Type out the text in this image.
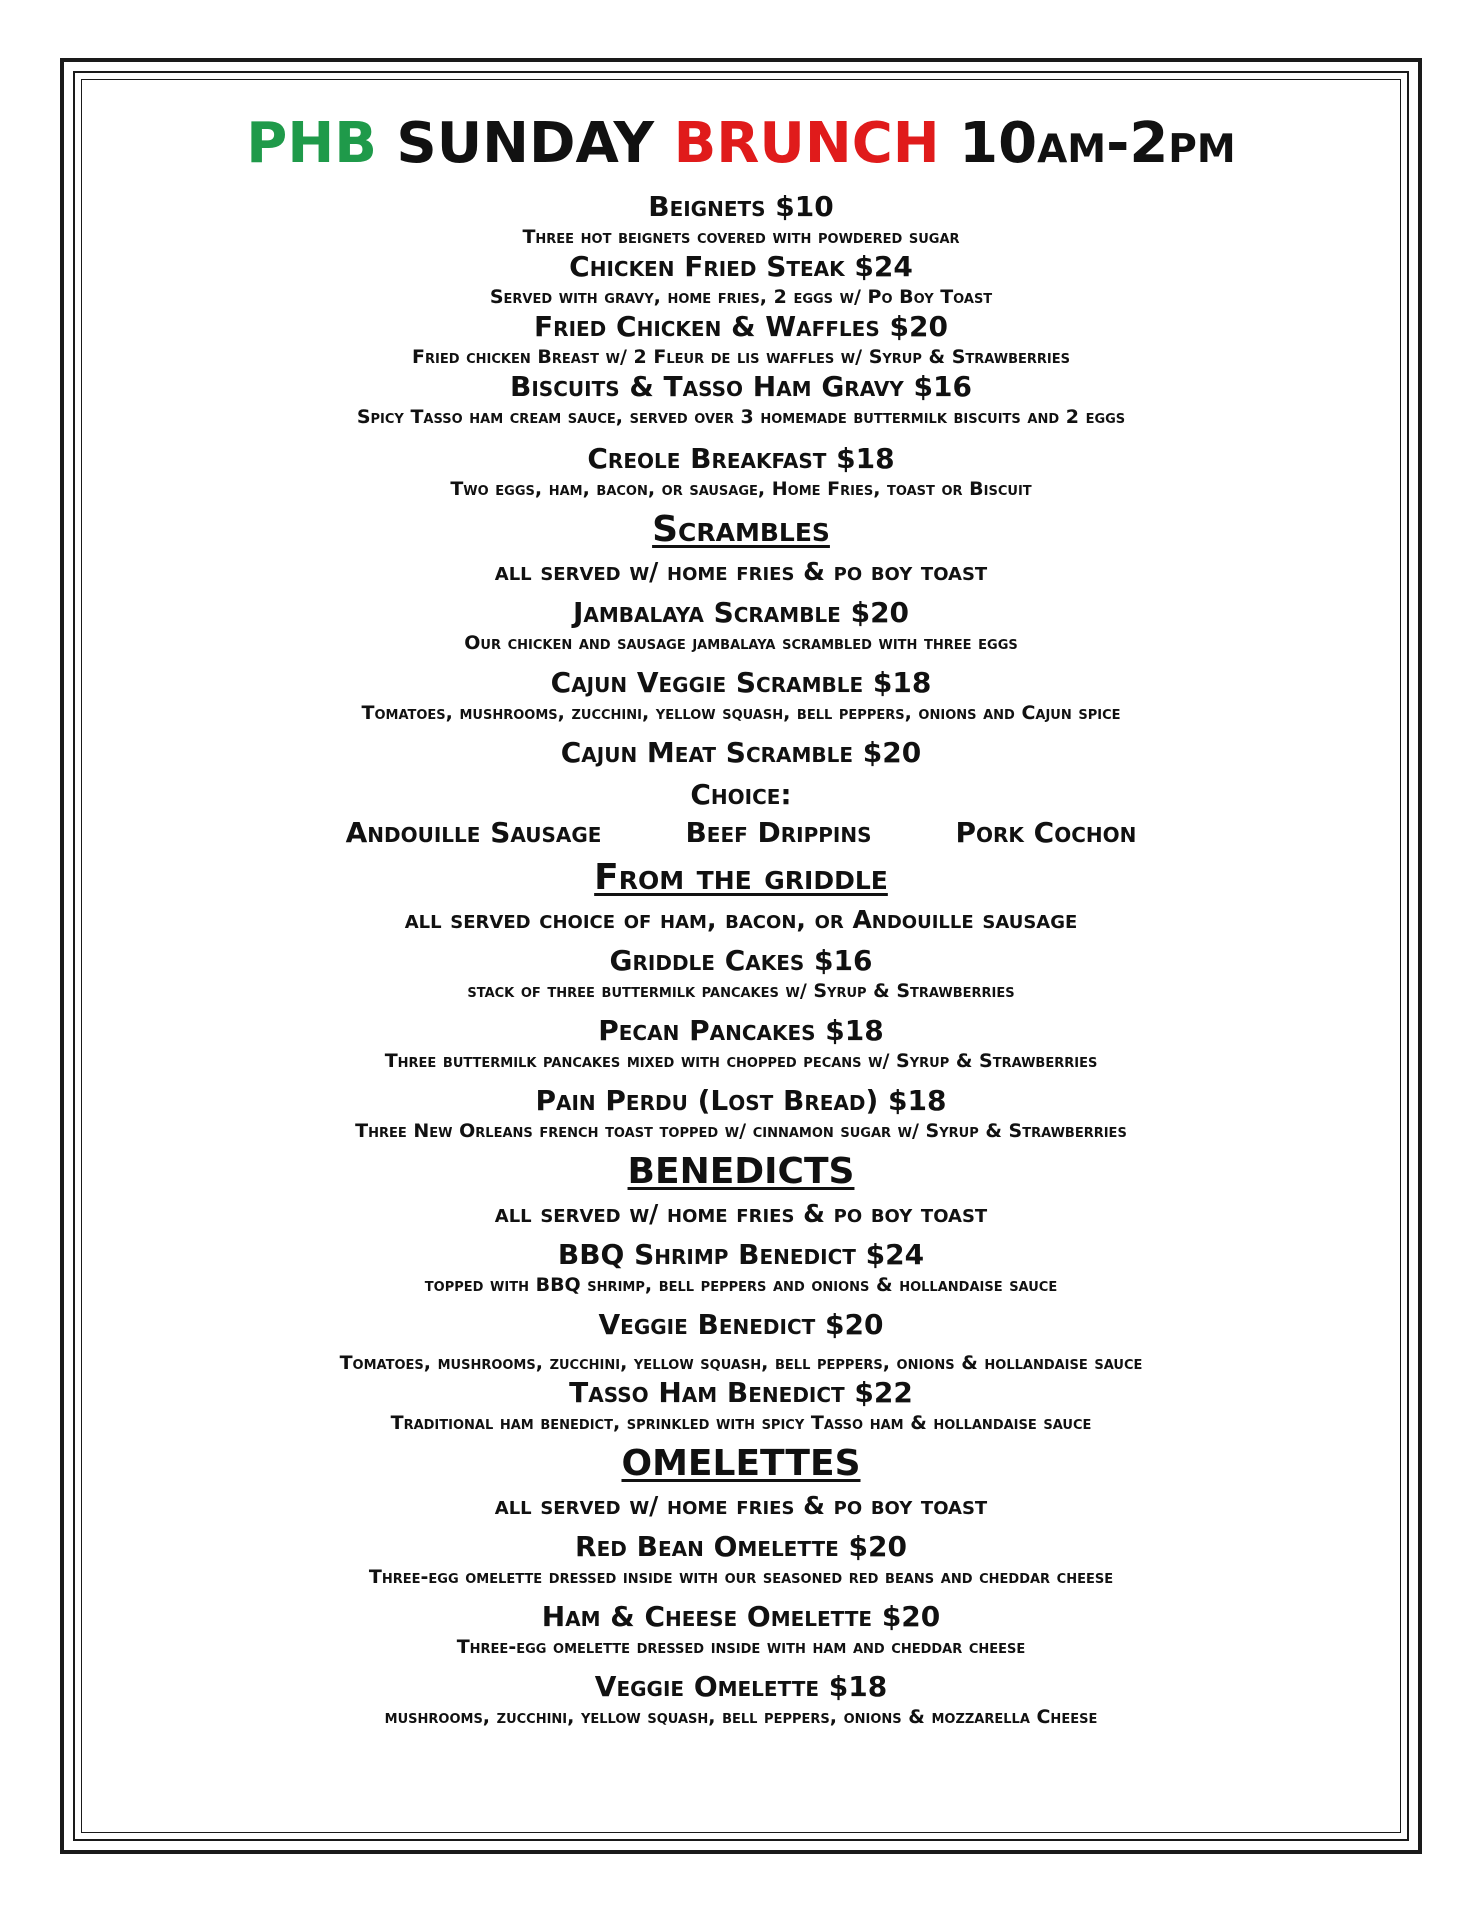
PHB SUNDAY BRUNCH 10am-2pm
Beignets $10
Three hot beignets covered with powdered sugar
Chicken Fried Steak $24
Served with gravy, home fries, 2 eggs w/ Po Boy Toast
Fried Chicken & Waffles $20
Fried chicken Breast w/ 2 Fleur de lis waffles w/ Syrup & Strawberries
Biscuits & Tasso Ham Gravy $16
Spicy Tasso ham cream sauce, served over 3 homemade buttermilk biscuits and 2 eggs
Creole Breakfast $18
Two eggs, ham, bacon, or sausage, Home Fries, toast or Biscuit
Scrambles
all served w/ home fries & po boy toast
Jambalaya Scramble $20
Our chicken and sausage jambalaya scrambled with three eggs
Cajun Veggie Scramble $18
Tomatoes, mushrooms, zucchini, yellow squash, bell peppers, onions and Cajun spice
Cajun Meat Scramble $20
Choice:
Andouille Sausage	Beef Drippins	Pork Cochon
From the griddle
all served choice of ham, bacon, or Andouille sausage
Griddle Cakes $16
stack of three buttermilk pancakes w/ Syrup & Strawberries
Pecan Pancakes $18
Three buttermilk pancakes mixed with chopped pecans w/ Syrup & Strawberries
Pain Perdu (Lost Bread) $18
Three New Orleans french toast topped w/ cinnamon sugar w/ Syrup & Strawberries
BENEDICTS
all served w/ home fries & po boy toast
BBQ Shrimp Benedict $24
topped with BBQ shrimp, bell peppers and onions & hollandaise sauce
Veggie Benedict $20
Tomatoes, mushrooms, zucchini, yellow squash, bell peppers, onions & hollandaise sauce
Tasso Ham Benedict $22
Traditional ham benedict, sprinkled with spicy Tasso ham & hollandaise sauce
OMELETTES
all served w/ home fries & po boy toast
Red Bean Omelette $20
Three-egg omelette dressed inside with our seasoned red beans and cheddar cheese
Ham & Cheese Omelette $20
Three-egg omelette dressed inside with ham and cheddar cheese
Veggie Omelette $18
mushrooms, zucchini, yellow squash, bell peppers, onions & mozzarella Cheese
